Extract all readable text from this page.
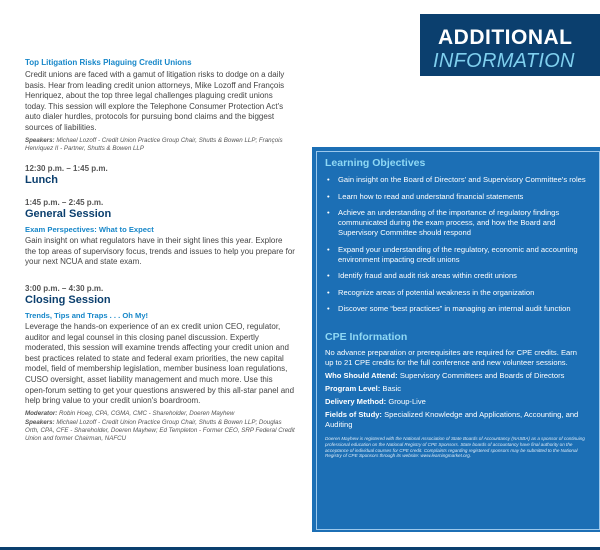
ADDITIONAL
INFORMATION

Top Litigation Risks Plaguing Credit Unions

Credit unions are faced with a gamut of litigation risks to dodge on a daily basis. Hear from leading credit union attorneys, Mike Lozoff and François Henriquez, about the top three legal challenges plaguing credit unions today. This session will explore the Telephone Consumer Protection Act's auto dialer hurdles, protocols for pursuing bond claims and the biggest sources of liabilities.

Speakers: Michael Lozoff - Credit Union Practice Group Chair, Shutts & Bowen LLP; François Henriquez II - Partner, Shutts & Bowen LLP

12:30 p.m. – 1:45 p.m.

Lunch

1:45 p.m. – 2:45 p.m.

General Session

Exam Perspectives: What to Expect

Gain insight on what regulators have in their sight lines this year. Explore the top areas of supervisory focus, trends and issues to help you prepare for your next NCUA and state exam.

3:00 p.m. – 4:30 p.m.

Closing Session

Trends, Tips and Traps . . . Oh My!

Leverage the hands-on experience of an ex credit union CEO, regulator, auditor and legal counsel in this closing panel discussion. Expertly moderated, this session will examine trends affecting your credit union and best practices related to state and federal exam priorities, the new capital model, field of membership legislation, member business loan regulations, CUSO oversight, asset liability management and much more. Use this open-forum setting to get your questions answered by this all-star panel and help bring value to your credit union's boardroom.

Moderator: Robin Hoeg, CPA, CGMA, CMC - Shareholder, Doeren Mayhew
Speakers: Michael Lozoff - Credit Union Practice Group Chair, Shutts & Bowen LLP; Douglas Orth, CPA, CFE - Shareholder, Doeren Mayhew; Ed Templeton - Former CEO, SRP Federal Credit Union and former Chairman, NAFCU
Learning Objectives
• Gain insight on the Board of Directors' and Supervisory Committee's roles
• Learn how to read and understand financial statements
• Achieve an understanding of the importance of regulatory findings communicated during the exam process, and how the Board and Supervisory Committee should respond
• Expand your understanding of the regulatory, economic and accounting environment impacting credit unions
• Identify fraud and audit risk areas within credit unions
• Recognize areas of potential weakness in the organization
• Discover some “best practices” in managing an internal audit function
CPE Information

No advance preparation or prerequisites are required for CPE credits. Earn up to 21 CPE credits for the full conference and new volunteer sessions.

Who Should Attend: Supervisory Committees and Boards of Directors

Program Level: Basic

Delivery Method: Group-Live

Fields of Study: Specialized Knowledge and Applications, Accounting, and Auditing

Doeren Mayhew is registered with the National Association of State Boards of Accountancy (NASBA) as a sponsor of continuing professional education on the National Registry of CPE Sponsors. State boards of accountancy have final authority on the acceptance of individual courses for CPE credit. Complaints regarding registered sponsors may be submitted to the National Registry of CPE Sponsors through its website: www.learningmarket.org.
